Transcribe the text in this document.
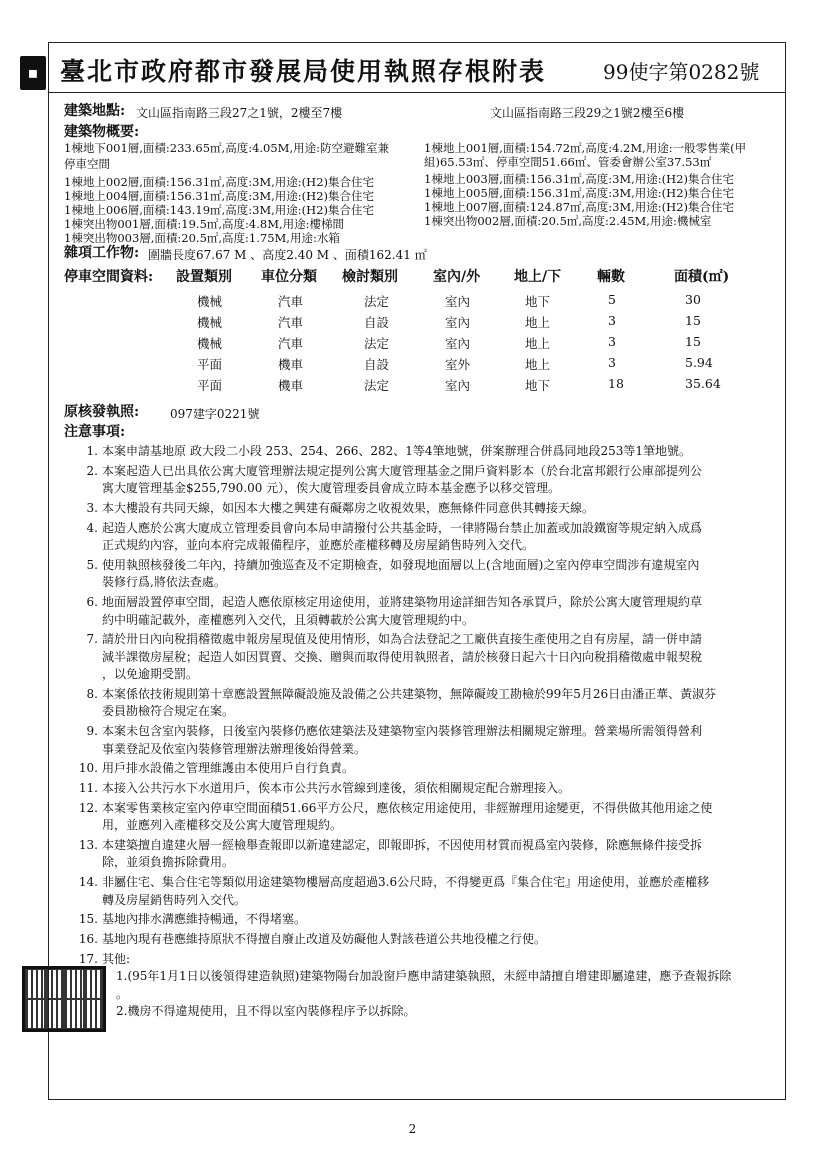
◼ 臺北市政府都市發展局使用執照存根附表	99使字第0282號
建築地點: 文山區指南路三段27之1號，2樓至7樓	文山區指南路三段29之1號2樓至6樓
建築物概要:
雜項工作物: 圍牆長度67.67 M 、高度2.40 M 、面積162.41 ㎡
停車空間資料: 設置類別 車位分類 檢討類別	室內/外 地上/下	輛數	面積(㎡)
機械	汽車	法定	室內	地下	5	30
機械	汽車	自設	室內	地上	3	15
機械	汽車	法定	室內	地上	3	15
平面	機車	自設	室外	地上	3	5.94
平面	機車	法定	室內	地下	18	35.64
原核發執照:	097建字0221號
注意事項:
1. 本案申請基地原 政大段二小段 253、254、266、282、1等4筆地號，併案辦理合併爲同地段253等1筆地號。
2. 本案起造人已出具依公寓大廈管理辦法規定提列公寓大廈管理基金之開戶資料影本（於台北富邦銀行公庫部提列公
寓大廈管理基金$255,790.00 元），俟大廈管理委員會成立時本基金應予以移交管理。
3. 本大樓設有共同天線，如因本大樓之興建有礙鄰房之收視效果，應無條件同意供其轉接天線。
4. 起造人應於公寓大廈成立管理委員會向本局申請撥付公共基金時，一律將陽台禁止加蓋或加設鐵窗等規定納入成爲
正式規約內容，並向本府完成報備程序，並應於產權移轉及房屋銷售時列入交代。
5. 使用執照核發後二年內，持續加強巡查及不定期檢查，如發現地面層以上(含地面層)之室內停車空間涉有違規室內
裝修行爲,將依法查處。
6. 地面層設置停車空間，起造人應依原核定用途使用，並將建築物用途詳細告知各承買戶，除於公寓大廈管理規約草
約中明確記載外，產權應列入交代，且須轉載於公寓大廈管理規約中。
7. 請於卅日內向稅捐稽徵處申報房屋現值及使用情形，如為合法登記之工廠供直接生產使用之自有房屋，請一併申請
減半課徵房屋稅；起造人如因買賣、交換、贈與而取得使用執照者，請於核發日起六十日內向稅捐稽徵處申報契稅
，以免逾期受罰。
8. 本案係依技術規則第十章應設置無障礙設施及設備之公共建築物，無障礙竣工勘檢於99年5月26日由潘正華、黃淑芬
委員勘檢符合規定在案。
9. 本案未包含室內裝修，日後室內裝修仍應依建築法及建築物室內裝修管理辦法相關規定辦理。營業場所需領得營利
事業登記及依室內裝修管理辦法辦理後始得營業。
10. 用戶排水設備之管理維護由本使用戶自行負責。
11. 本接入公共污水下水道用戶，俟本市公共污水管線到達後，須依相關規定配合辦理接入。
12. 本案零售業核定室內停車空間面積51.66平方公尺，應依核定用途使用，非經辦理用途變更，不得供做其他用途之使
用，並應列入產權移交及公寓大廈管理規約。
13. 本建築擅自違建火層一經檢舉查報即以新違建認定，即報即拆，不因使用材質而視爲室內裝修，除應無條件接受拆
除，並須負擔拆除費用。
14. 非屬住宅、集合住宅等類似用途建築物樓層高度超過3.6公尺時，不得變更爲『集合住宅』用途使用，並應於產權移
轉及房屋銷售時列入交代。
15. 基地內排水溝應維持暢通，不得堵塞。
16. 基地內現有巷應維持原狀不得擅自廢止改道及妨礙他人對該巷道公共地役權之行使。
17. 其他:
1.(95年1月1日以後領得建造執照)建築物陽台加設窗戶應申請建築執照，未經申請擅自增建即屬違建，應予查報拆除
。
2.機房不得違規使用，且不得以室內裝修程序予以拆除。
2
1棟地下001層,面積:233.65㎡,高度:4.05M,用途:防空避難室兼
停車空間
1棟地上002層,面積:156.31㎡,高度:3M,用途:(H2)集合住宅
1棟地上004層,面積:156.31㎡,高度:3M,用途:(H2)集合住宅
1棟地上006層,面積:143.19㎡,高度:3M,用途:(H2)集合住宅
1棟突出物001層,面積:19.5㎡,高度:4.8M,用途:樓梯間
1棟突出物003層,面積:20.5㎡,高度:1.75M,用途:水箱
1棟地上001層,面積:154.72㎡,高度:4.2M,用途:一般零售業(甲
組)65.53㎡、停車空間51.66㎡、管委會辦公室37.53㎡
1棟地上003層,面積:156.31㎡,高度:3M,用途:(H2)集合住宅
1棟地上005層,面積:156.31㎡,高度:3M,用途:(H2)集合住宅
1棟地上007層,面積:124.87㎡,高度:3M,用途:(H2)集合住宅
1棟突出物002層,面積:20.5㎡,高度:2.45M,用途:機械室
